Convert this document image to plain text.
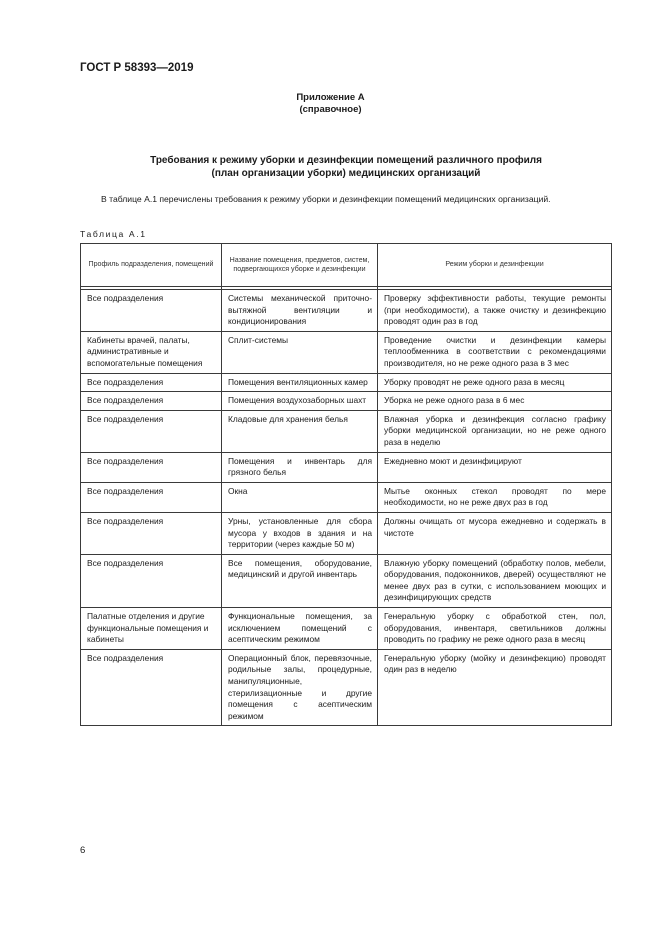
ГОСТ Р 58393—2019
Приложение А
(справочное)
Требования к режиму уборки и дезинфекции помещений различного профиля
(план организации уборки) медицинских организаций
В таблице А.1 перечислены требования к режиму уборки и дезинфекции помещений медицинских организаций.
Таблица А.1
Профиль подразделения, помещений	Название помещения, предметов, систем, подвергающихся уборке и дезинфекции	Режим уборки и дезинфекции

Все подразделения	Системы механической приточно-вытяжной вентиляции и кондиционирования	Проверку эффективности работы, текущие ремонты (при необходимости), а также очистку и дезинфекцию проводят один раз в год
Кабинеты врачей, палаты, административные и вспомогательные помещения	Сплит-системы	Проведение очистки и дезинфекции камеры теплообменника в соответствии с рекомендациями производителя, но не реже одного раза в 3 мес
Все подразделения	Помещения вентиляционных камер	Уборку проводят не реже одного раза в месяц
Все подразделения	Помещения воздухозаборных шахт	Уборка не реже одного раза в 6 мес
Все подразделения	Кладовые для хранения белья	Влажная уборка и дезинфекция согласно графику уборки медицинской организации, но не реже одного раза в неделю
Все подразделения	Помещения и инвентарь для грязного белья	Ежедневно моют и дезинфицируют
Все подразделения	Окна	Мытье оконных стекол проводят по мере необходимости, но не реже двух раз в год
Все подразделения	Урны, установленные для сбора мусора у входов в здания и на территории (через каждые 50 м)	Должны очищать от мусора ежедневно и содержать в чистоте
Все подразделения	Все помещения, оборудование, медицинский и другой инвентарь	Влажную уборку помещений (обработку полов, мебели, оборудования, подоконников, дверей) осуществляют не менее двух раз в сутки, с использованием моющих и дезинфицирующих средств
Палатные отделения и другие функциональные помещения и кабинеты	Функциональные помещения, за исключением помещений с асептическим режимом	Генеральную уборку с обработкой стен, пол, оборудования, инвентаря, светильников должны проводить по графику не реже одного раза в месяц
Все подразделения	Операционный блок, перевязочные, родильные залы, процедурные, манипуляционные, стерилизационные и другие помещения с асептическим режимом	Генеральную уборку (мойку и дезинфекцию) проводят один раз в неделю
6
